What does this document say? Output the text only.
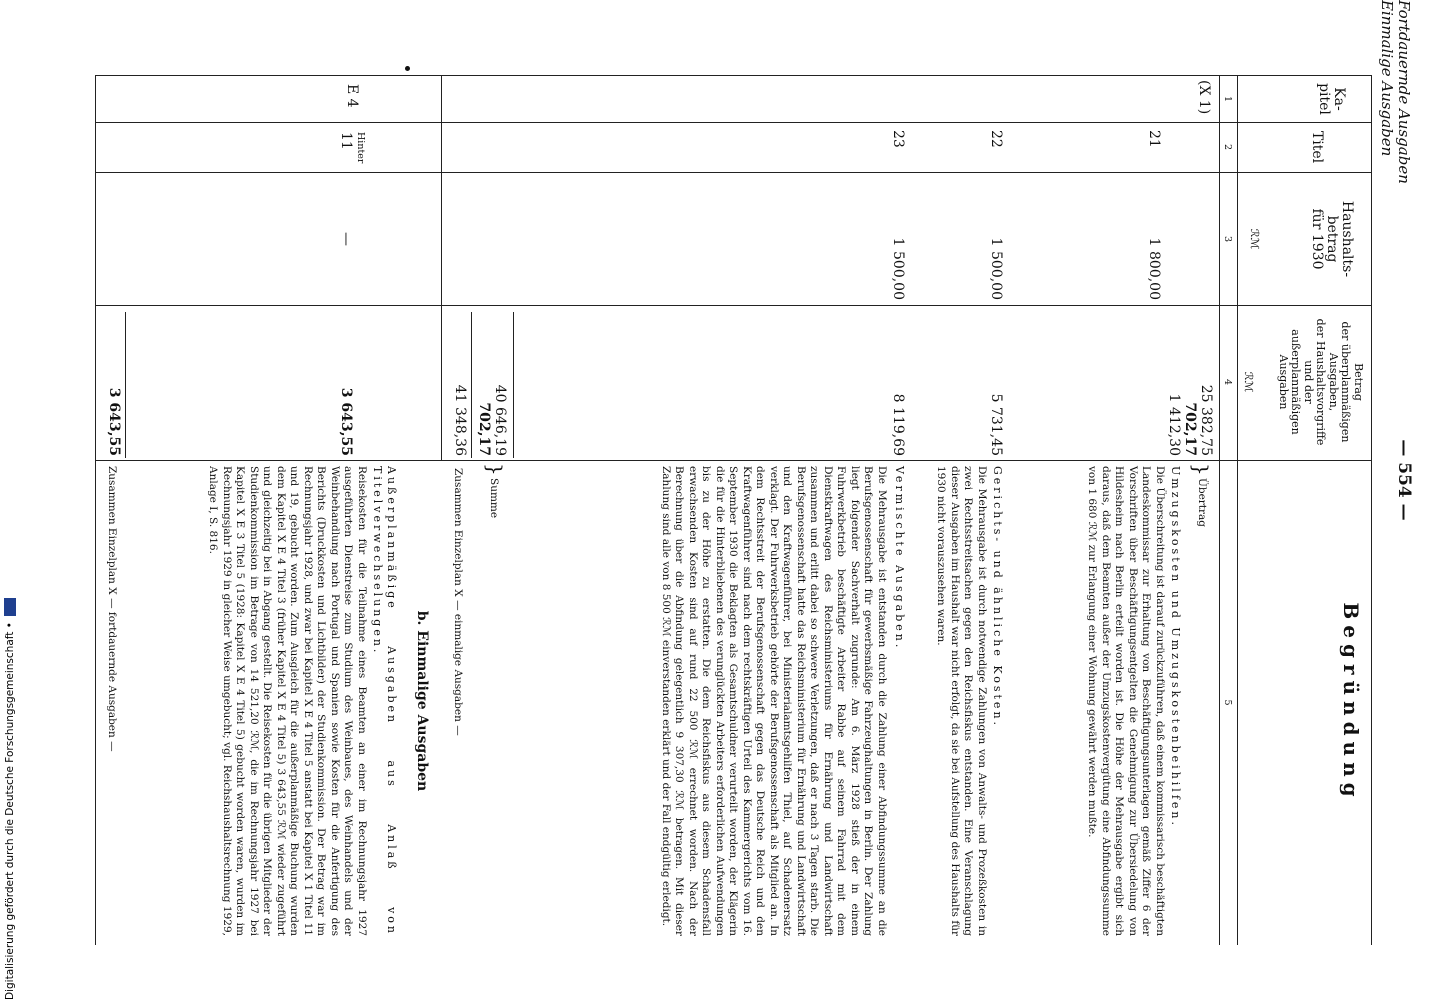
— 554 —
Fortdauernde Ausgaben
Einmalige Ausgaben
Ka-
pitel
Titel
Haushalts-
betrag
für 1930
ℛℳ
Betrag
der überplanmäßigen
Ausgaben,
der Haushaltsvorgriffe
und der
außerplanmäßigen
Ausgaben
ℛℳ
Begründung
1
2
3
4
5
(X 1)
25 382,75
702,17
}
Übertrag
21
1 800,00
1 412,30
Umzugskosten und Umzugskostenbeihilfen.
Die Überschreitung ist darauf zurückzuführen, daß einem kommissarisch beschäftigten Landeskommissar zur Erhaltung von Beschäftigungsunterlagen gemäß Ziffer 6 der Vorschriften über Beschäftigungsentgelten die Genehmigung zur Übersiedelung von Hildesheim nach Berlin erteilt worden ist. Die Höhe der Mehrausgabe ergibt sich daraus, daß dem Beamten außer der Umzugskostenvergütung eine Abfindungssumme von 1 680 ℛℳ zur Erlangung einer Wohnung gewährt werden mußte.
22
1 500,00
5 731,45
Gerichts- und ähnliche Kosten.
Die Mehrausgabe ist durch notwendige Zahlungen von Anwalts- und Prozeßkosten in zwei Rechtsstreitsachen gegen den Reichsfiskus entstanden. Eine Veranschlagung dieser Ausgaben im Haushalt war nicht erfolgt, da sie bei Aufstellung des Haushalts für 1930 nicht vorauszusehen waren.
23
1 500,00
8 119,69
Vermischte Ausgaben.
Die Mehrausgabe ist entstanden durch die Zahlung einer Abfindungssumme an die Berufsgenossenschaft für gewerbsmäßige Fahrzeughaltungen in Berlin. Der Zahlung liegt folgender Sachverhalt zugrunde: Am 6. März 1928 stieß der in einem Fuhrwerkbetrieb beschäftigte Arbeiter Rabbe auf seinem Fahrrad mit dem Dienstkraftwagen des Reichsministeriums für Ernährung und Landwirtschaft zusammen und erlitt dabei so schwere Verletzungen, daß er nach 3 Tagen starb. Die Berufsgenossenschaft hatte das Reichsministerium für Ernährung und Landwirtschaft und den Kraftwagenführer, bei Ministerialamtsgehilfen Thiel, auf Schadenersatz verklagt. Der Fuhrwerksbetrieb gehörte der Berufsgenossenschaft als Mitglied an. In dem Rechtsstreit der Berufsgenossenschaft gegen das Deutsche Reich und den Kraftwagenführer sind nach dem rechtskräftigen Urteil des Kammergerichts vom 16. September 1930 die Beklagten als Gesamtschuldner verurteilt worden, der Klägerin die für die Hinterbliebenen des verunglückten Arbeiters erforderlichen Aufwendungen bis zu der Höhe zu erstatten. Die dem Reichsfiskus aus diesem Schadensfall erwachsenden Kosten sind auf rund 22 500 ℛℳ errechnet worden. Nach der Berechnung über die Abfindung gelegentlich 9 307,30 ℛℳ betragen. Mit dieser Zahlung sind alle von 8 500 ℛℳ einverstanden erklärt und der Fall endgültig erledigt.
40 646,19
702,17
}
Summe
41 348,36
Zusammen Einzelplan X — einmalige Ausgaben —
b. Einmalige Ausgaben
E 4
Hinter
11
—
3 643,55
Außerplanmäßige Ausgaben aus Anlaß von Titelverwechselungen.
Reisekosten für die Teilnahme eines Beamten an einer im Rechnungsjahr 1927 ausgeführten Dienstreise zum Studium des Weinbaues, des Weinhandels und der Weinbehandlung nach Portugal und Spanien sowie Kosten für die Anfertigung des Berichts (Druckkosten und Lichtbilder) der Studienkommission. Der Betrag war im Rechnungsjahr 1928, und zwar bei Kapitel X E 4 Titel 5 anstatt bei Kapitel X 1 Titel 11 und 19, gebucht worden. Zum Ausgleich für die außerplanmäßige Buchung wurden dem Kapitel X E 4 Titel 3 (früher Kapitel X E 4 Titel 5) 3 643,55 ℛℳ wieder zugeführt und gleichzeitig bei in Abgang gestellt. Die Reisekosten für die übrigen Mitglieder der Studienkommission im Betrage von 14 521,20 ℛℳ, die im Rechnungsjahr 1927 bei Kapitel X E 3 Titel 5 (1928: Kapitel X E 4 Titel 5) gebucht worden waren, wurden im Rechnungsjahr 1929 in gleicher Weise umgebucht; vgl. Reichshaushaltsrechnung 1929, Anlage I, S. 816.
3 643,55
Zusammen Einzelplan X — fortdauernde Ausgaben —
Digitalisierung gefördert durch die Deutsche Forschungsgemeinschaft •
